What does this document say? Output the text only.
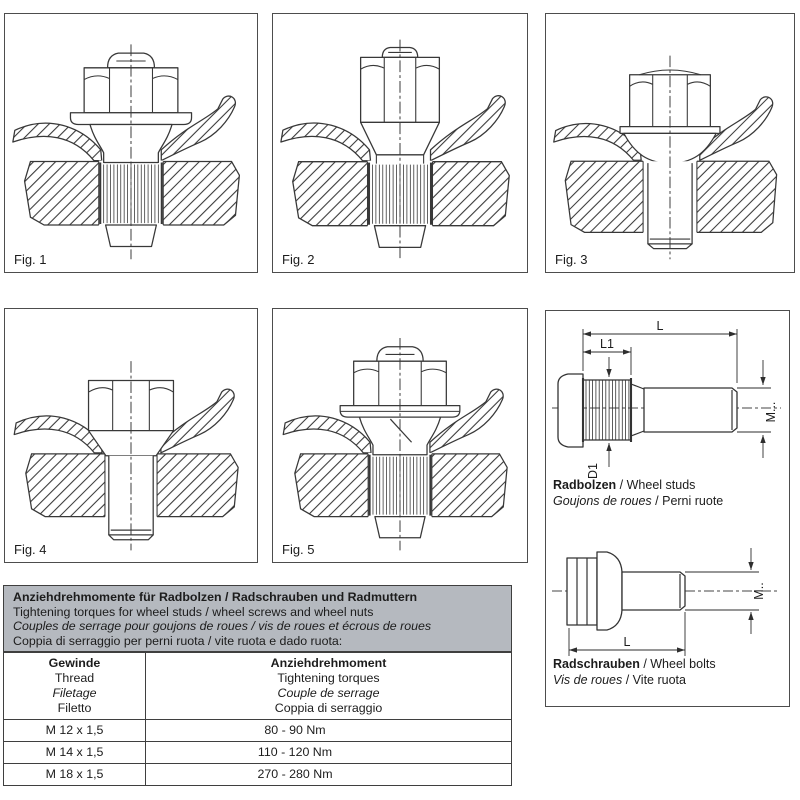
Fig. 1	Fig. 2	Fig. 3
Fig. 4	Fig. 5
L
L1
D1
M...
Radbolzen / Wheel studs
Goujons de roues / Perni ruote
L
M..
Radschrauben / Wheel bolts
Vis de roues / Vite ruota
Anziehdrehmomente für Radbolzen / Radschrauben und Radmuttern
Tightening torques for wheel studs / wheel screws and wheel nuts
Couples de serrage pour goujons de roues / vis de roues et écrous de roues
Coppia di serraggio per perni ruota / vite ruota e dado ruota:
Gewinde
Thread
Filetage
Filetto

Anziehdrehmoment
Tightening torques
Couple de serrage
Coppia di serraggio

M 12 x 1,5	80 - 90 Nm
M 14 x 1,5	110 - 120 Nm
M 18 x 1,5	270 - 280 Nm
